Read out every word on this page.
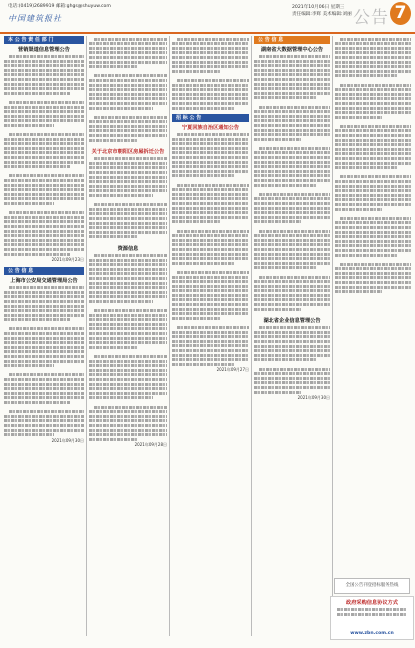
电话:(0419)2689919 邮箱:ghgs@shuyuw.com
中国建筑报社
2021年10月06日 星期三
责任编辑:李辉 美术编辑:刘丽 公告 7
本 公 告 责 任 部 门
营销渠道信息管理公告
2021年09月23日
公 告 信 息
上海市公安局交通管理局公告
2021年09月30日
关于北京市朝阳区房屋拆迁公告
资源信息
2021年09月28日
招 标 公 告
宁夏回族自治区通知公告
2021年09月27日
公 告 信 息
湖南省大数据管理中心公告
湖北省企业信息管理公告
2021年09月30日
全国公告刊登招标服务热线
政府采购信息协议方式
www.zbn.com.cn
